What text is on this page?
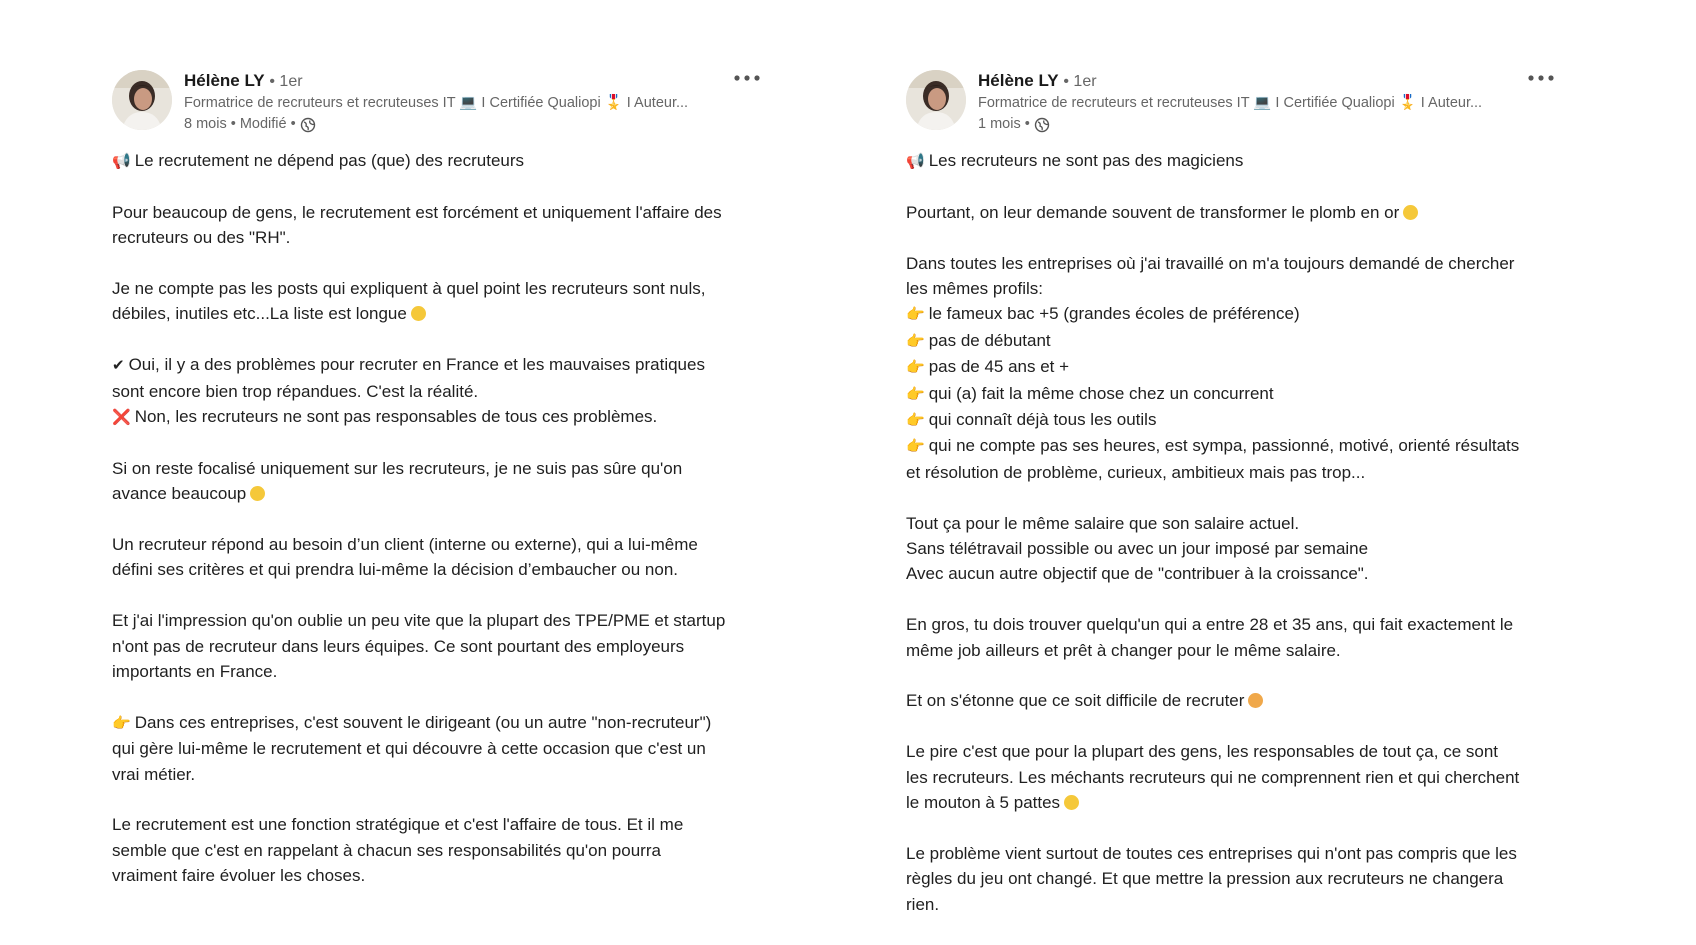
Hélène LY • 1er
Formatrice de recruteurs et recruteuses IT 💻 I Certifiée Qualiopi 🎖️ I Auteur...
8 mois • Modifié •
📢 Le recrutement ne dépend pas (que) des recruteurs
Pour beaucoup de gens, le recrutement est forcément et uniquement l'affaire des
recruteurs ou des "RH".
Je ne compte pas les posts qui expliquent à quel point les recruteurs sont nuls,
débiles, inutiles etc...La liste est longue
✔ Oui, il y a des problèmes pour recruter en France et les mauvaises pratiques
sont encore bien trop répandues. C'est la réalité.
❌ Non, les recruteurs ne sont pas responsables de tous ces problèmes.
Si on reste focalisé uniquement sur les recruteurs, je ne suis pas sûre qu'on
avance beaucoup
Un recruteur répond au besoin d’un client (interne ou externe), qui a lui-même
défini ses critères et qui prendra lui-même la décision d’embaucher ou non.
Et j'ai l'impression qu'on oublie un peu vite que la plupart des TPE/PME et startup
n'ont pas de recruteur dans leurs équipes. Ce sont pourtant des employeurs
importants en France.
👉 Dans ces entreprises, c'est souvent le dirigeant (ou un autre "non-recruteur")
qui gère lui-même le recrutement et qui découvre à cette occasion que c'est un
vrai métier.
Le recrutement est une fonction stratégique et c'est l'affaire de tous. Et il me
semble que c'est en rappelant à chacun ses responsabilités qu'on pourra
vraiment faire évoluer les choses.
Hélène LY • 1er
Formatrice de recruteurs et recruteuses IT 💻 I Certifiée Qualiopi 🎖️ I Auteur...
1 mois •
📢 Les recruteurs ne sont pas des magiciens
Pourtant, on leur demande souvent de transformer le plomb en or
Dans toutes les entreprises où j'ai travaillé on m'a toujours demandé de chercher
les mêmes profils:
👉 le fameux bac +5 (grandes écoles de préférence)
👉 pas de débutant
👉 pas de 45 ans et +
👉 qui (a) fait la même chose chez un concurrent
👉 qui connaît déjà tous les outils
👉 qui ne compte pas ses heures, est sympa, passionné, motivé, orienté résultats
et résolution de problème, curieux, ambitieux mais pas trop...
Tout ça pour le même salaire que son salaire actuel.
Sans télétravail possible ou avec un jour imposé par semaine
Avec aucun autre objectif que de "contribuer à la croissance".
En gros, tu dois trouver quelqu'un qui a entre 28 et 35 ans, qui fait exactement le
même job ailleurs et prêt à changer pour le même salaire.
Et on s'étonne que ce soit difficile de recruter
Le pire c'est que pour la plupart des gens, les responsables de tout ça, ce sont
les recruteurs. Les méchants recruteurs qui ne comprennent rien et qui cherchent
le mouton à 5 pattes
Le problème vient surtout de toutes ces entreprises qui n'ont pas compris que les
règles du jeu ont changé. Et que mettre la pression aux recruteurs ne changera
rien.
